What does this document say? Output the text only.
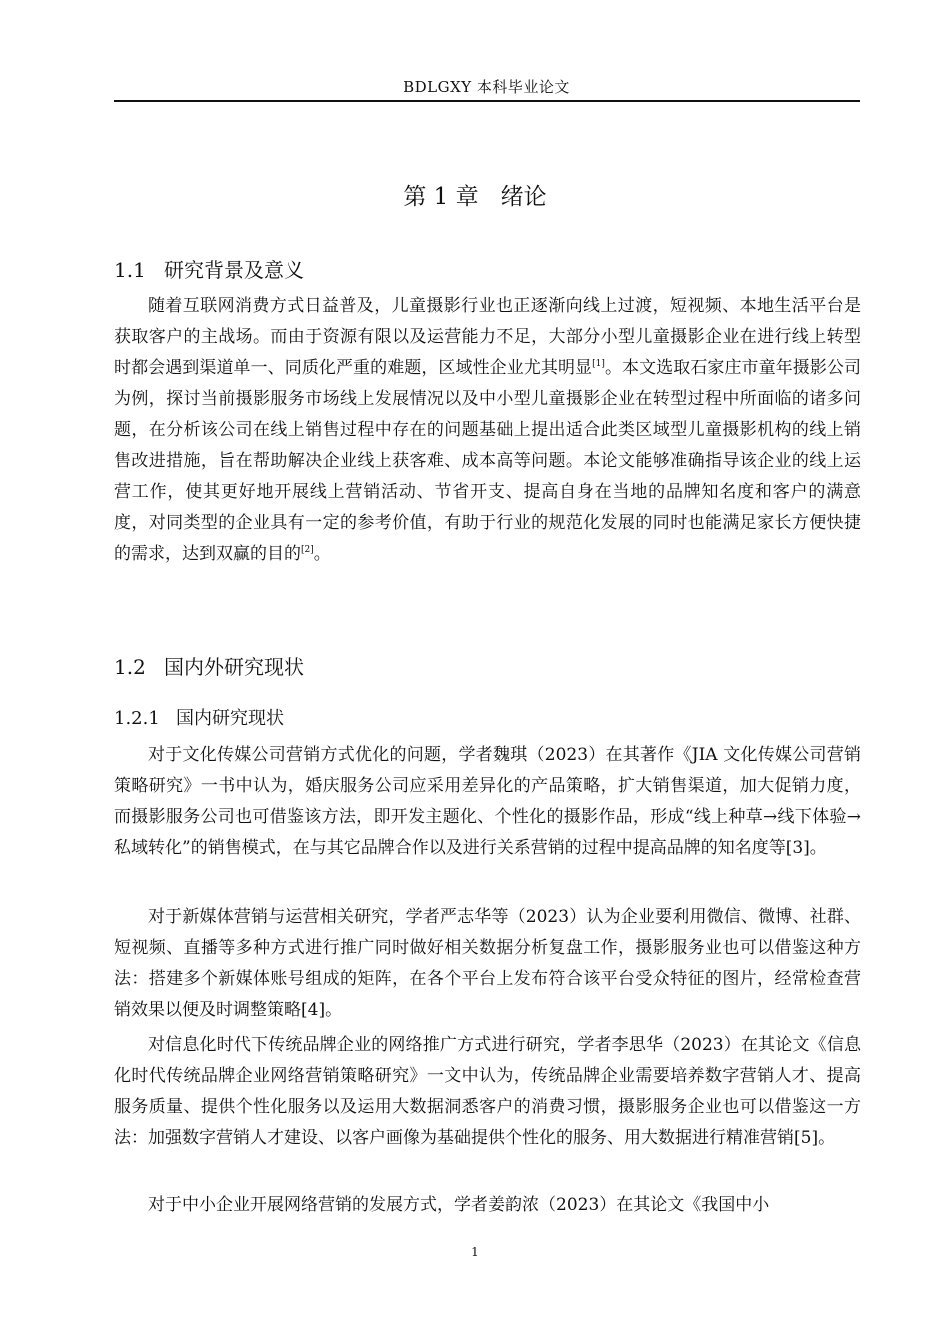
BDLGXY 本科毕业论文
第 1 章 绪论
1.1 研究背景及意义

随着互联网消费方式日益普及，儿童摄影行业也正逐渐向线上过渡，短视频、本地生活平台是获取客户的主战场。而由于资源有限以及运营能力不足，大部分小型儿童摄影企业在进行线上转型时都会遇到渠道单一、同质化严重的难题，区域性企业尤其明显[1]。本文选取石家庄市童年摄影公司为例，探讨当前摄影服务市场线上发展情况以及中小型儿童摄影企业在转型过程中所面临的诸多问题，在分析该公司在线上销售过程中存在的问题基础上提出适合此类区域型儿童摄影机构的线上销售改进措施，旨在帮助解决企业线上获客难、成本高等问题。本论文能够准确指导该企业的线上运营工作，使其更好地开展线上营销活动、节省开支、提高自身在当地的品牌知名度和客户的满意度，对同类型的企业具有一定的参考价值，有助于行业的规范化发展的同时也能满足家长方便快捷的需求，达到双赢的目的[2]。

1.2 国内外研究现状
1.2.1 国内研究现状

对于文化传媒公司营销方式优化的问题，学者魏琪（2023）在其著作《JIA 文化传媒公司营销策略研究》一书中认为，婚庆服务公司应采用差异化的产品策略，扩大销售渠道，加大促销力度，而摄影服务公司也可借鉴该方法，即开发主题化、个性化的摄影作品，形成“线上种草→线下体验→私域转化”的销售模式，在与其它品牌合作以及进行关系营销的过程中提高品牌的知名度等[3]。

对于新媒体营销与运营相关研究，学者严志华等（2023）认为企业要利用微信、微博、社群、短视频、直播等多种方式进行推广同时做好相关数据分析复盘工作，摄影服务业也可以借鉴这种方法：搭建多个新媒体账号组成的矩阵，在各个平台上发布符合该平台受众特征的图片，经常检查营销效果以便及时调整策略[4]。

对信息化时代下传统品牌企业的网络推广方式进行研究，学者李思华（2023）在其论文《信息化时代传统品牌企业网络营销策略研究》一文中认为，传统品牌企业需要培养数字营销人才、提高服务质量、提供个性化服务以及运用大数据洞悉客户的消费习惯，摄影服务企业也可以借鉴这一方法：加强数字营销人才建设、以客户画像为基础提供个性化的服务、用大数据进行精准营销[5]。

对于中小企业开展网络营销的发展方式，学者姜韵浓（2023）在其论文《我国中小

1
